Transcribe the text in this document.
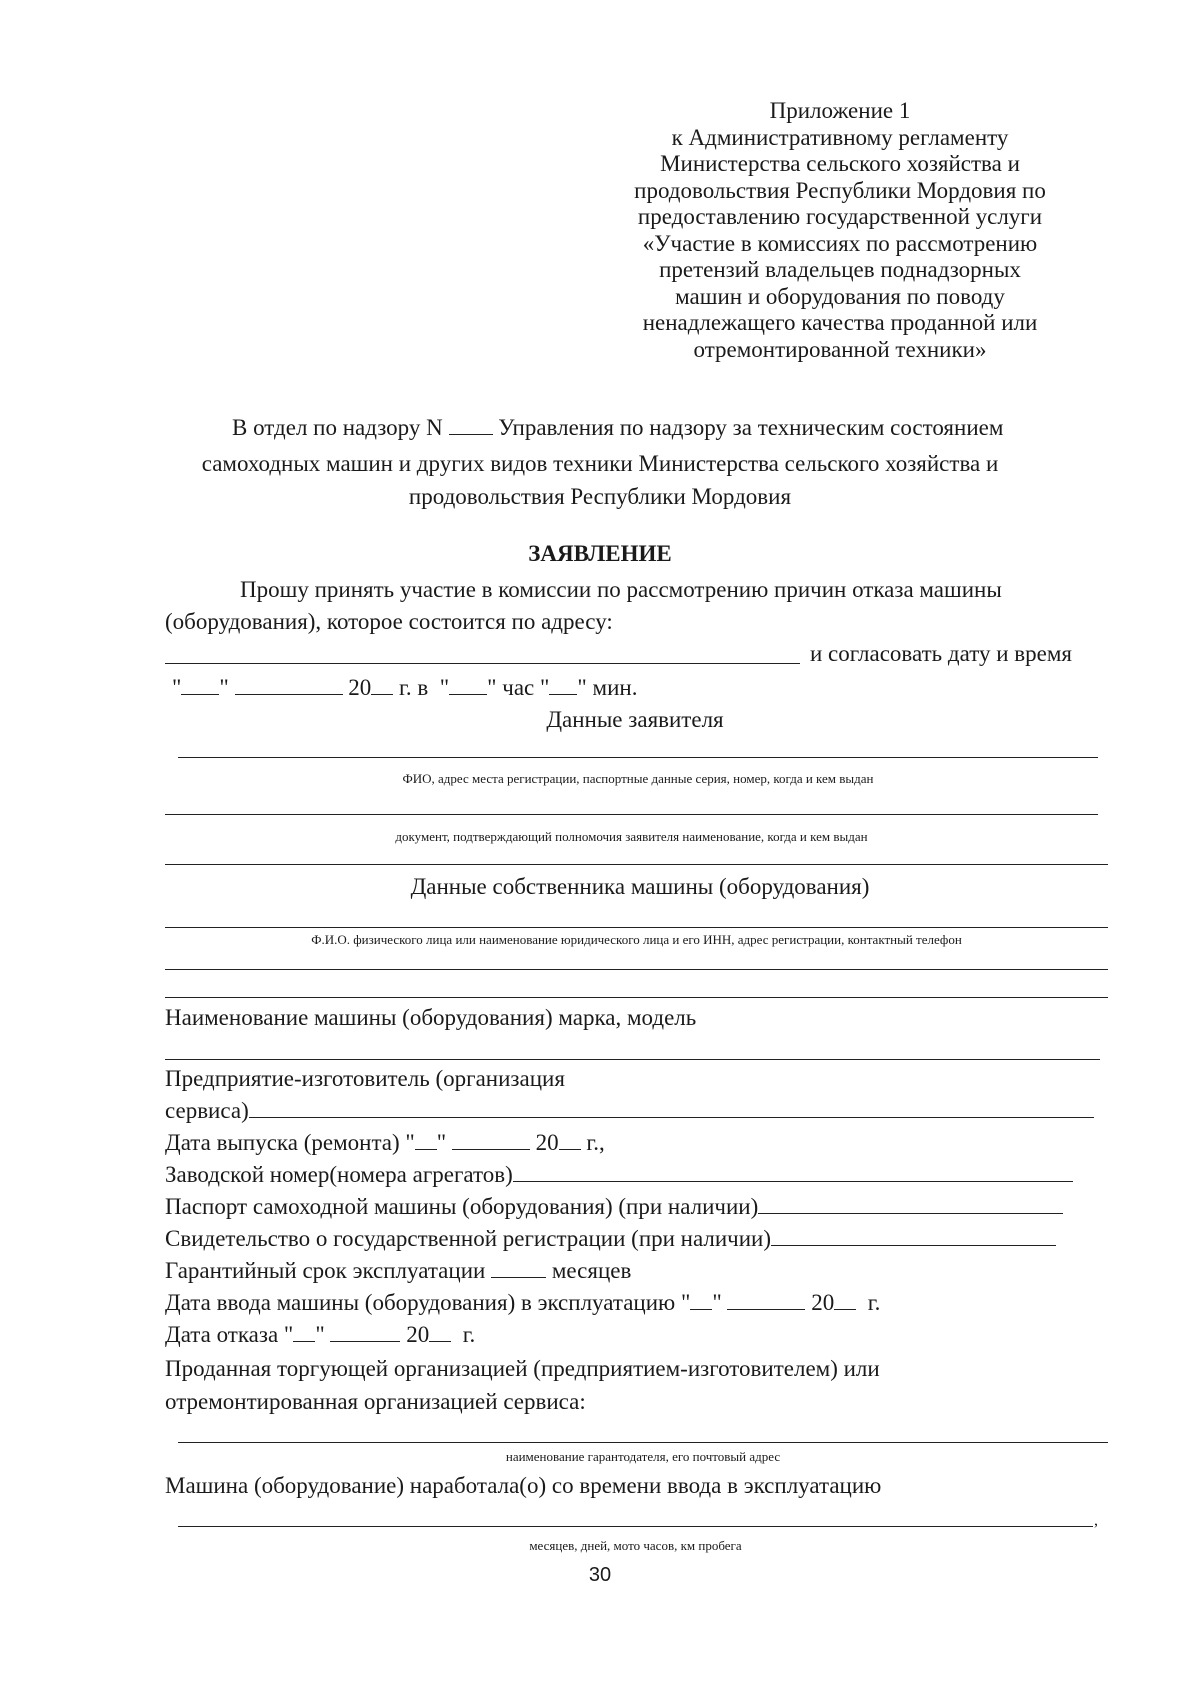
Приложение 1
к Административному регламенту
Министерства сельского хозяйства и
продовольствия Республики Мордовия по
предоставлению государственной услуги
«Участие в комиссиях по рассмотрению
претензий владельцев поднадзорных
машин и оборудования по поводу
ненадлежащего качества проданной или
отремонтированной техники»
В отдел по надзору N Управления по надзору за техническим состоянием
самоходных машин и других видов техники Министерства сельского хозяйства и
продовольствия Республики Мордовия
ЗАЯВЛЕНИЕ
Прошу принять участие в комиссии по рассмотрению причин отказа машины
(оборудования), которое состоится по адресу:
и согласовать дату и время
" "	20 г. в " " час " " мин.
Данные заявителя
ФИО, адрес места регистрации, паспортные данные серия, номер, когда и кем выдан
документ, подтверждающий полномочия заявителя наименование, когда и кем выдан
Данные собственника машины (оборудования)
Ф.И.О. физического лица или наименование юридического лица и его ИНН, адрес регистрации, контактный телефон
Наименование машины (оборудования) марка, модель
Предприятие-изготовитель (организация
сервиса)
Дата выпуска (ремонта) " "	20 г.,
Заводской номер(номера агрегатов)
Паспорт самоходной машины (оборудования) (при наличии)
Свидетельство о государственной регистрации (при наличии)
Гарантийный срок эксплуатации	месяцев
Дата ввода машины (оборудования) в эксплуатацию " "	20 г.
Дата отказа " "	20 г.
Проданная торгующей организацией (предприятием-изготовителем) или
отремонтированная организацией сервиса:
наименование гарантодателя, его почтовый адрес
Машина (оборудование) наработала(о) со времени ввода в эксплуатацию
,
месяцев, дней, мото часов, км пробега
30
